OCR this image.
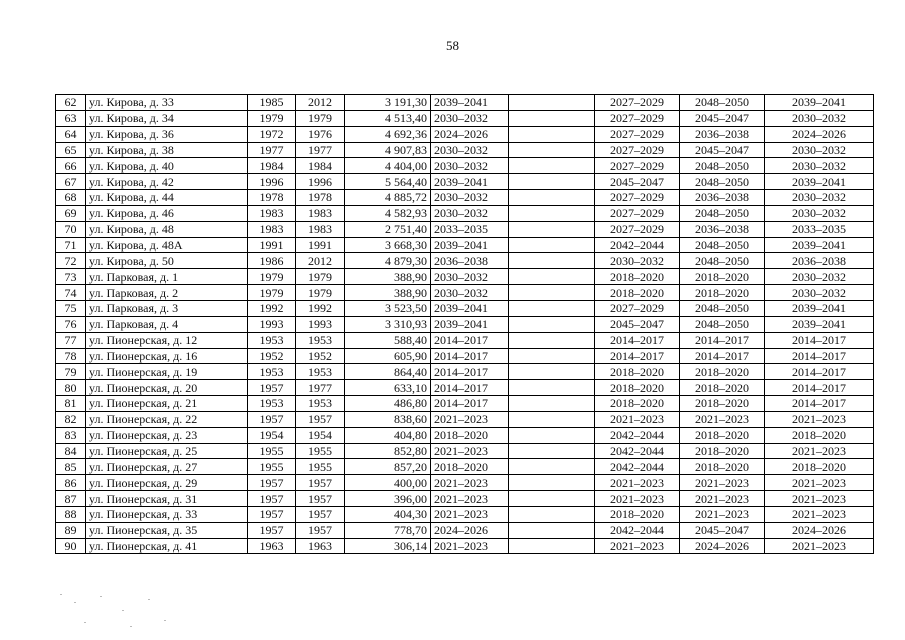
58
62	ул. Кирова, д. 33	1985	2012	3 191,30	2039–2041		2027–2029	2048–2050	2039–2041
63	ул. Кирова, д. 34	1979	1979	4 513,40	2030–2032		2027–2029	2045–2047	2030–2032
64	ул. Кирова, д. 36	1972	1976	4 692,36	2024–2026		2027–2029	2036–2038	2024–2026
65	ул. Кирова, д. 38	1977	1977	4 907,83	2030–2032		2027–2029	2045–2047	2030–2032
66	ул. Кирова, д. 40	1984	1984	4 404,00	2030–2032		2027–2029	2048–2050	2030–2032
67	ул. Кирова, д. 42	1996	1996	5 564,40	2039–2041		2045–2047	2048–2050	2039–2041
68	ул. Кирова, д. 44	1978	1978	4 885,72	2030–2032		2027–2029	2036–2038	2030–2032
69	ул. Кирова, д. 46	1983	1983	4 582,93	2030–2032		2027–2029	2048–2050	2030–2032
70	ул. Кирова, д. 48	1983	1983	2 751,40	2033–2035		2027–2029	2036–2038	2033–2035
71	ул. Кирова, д. 48А	1991	1991	3 668,30	2039–2041		2042–2044	2048–2050	2039–2041
72	ул. Кирова, д. 50	1986	2012	4 879,30	2036–2038		2030–2032	2048–2050	2036–2038
73	ул. Парковая, д. 1	1979	1979	388,90	2030–2032		2018–2020	2018–2020	2030–2032
74	ул. Парковая, д. 2	1979	1979	388,90	2030–2032		2018–2020	2018–2020	2030–2032
75	ул. Парковая, д. 3	1992	1992	3 523,50	2039–2041		2027–2029	2048–2050	2039–2041
76	ул. Парковая, д. 4	1993	1993	3 310,93	2039–2041		2045–2047	2048–2050	2039–2041
77	ул. Пионерская, д. 12	1953	1953	588,40	2014–2017		2014–2017	2014–2017	2014–2017
78	ул. Пионерская, д. 16	1952	1952	605,90	2014–2017		2014–2017	2014–2017	2014–2017
79	ул. Пионерская, д. 19	1953	1953	864,40	2014–2017		2018–2020	2018–2020	2014–2017
80	ул. Пионерская, д. 20	1957	1977	633,10	2014–2017		2018–2020	2018–2020	2014–2017
81	ул. Пионерская, д. 21	1953	1953	486,80	2014–2017		2018–2020	2018–2020	2014–2017
82	ул. Пионерская, д. 22	1957	1957	838,60	2021–2023		2021–2023	2021–2023	2021–2023
83	ул. Пионерская, д. 23	1954	1954	404,80	2018–2020		2042–2044	2018–2020	2018–2020
84	ул. Пионерская, д. 25	1955	1955	852,80	2021–2023		2042–2044	2018–2020	2021–2023
85	ул. Пионерская, д. 27	1955	1955	857,20	2018–2020		2042–2044	2018–2020	2018–2020
86	ул. Пионерская, д. 29	1957	1957	400,00	2021–2023		2021–2023	2021–2023	2021–2023
87	ул. Пионерская, д. 31	1957	1957	396,00	2021–2023		2021–2023	2021–2023	2021–2023
88	ул. Пионерская, д. 33	1957	1957	404,30	2021–2023		2018–2020	2021–2023	2021–2023
89	ул. Пионерская, д. 35	1957	1957	778,70	2024–2026		2042–2044	2045–2047	2024–2026
90	ул. Пионерская, д. 41	1963	1963	306,14	2021–2023		2021–2023	2024–2026	2021–2023
